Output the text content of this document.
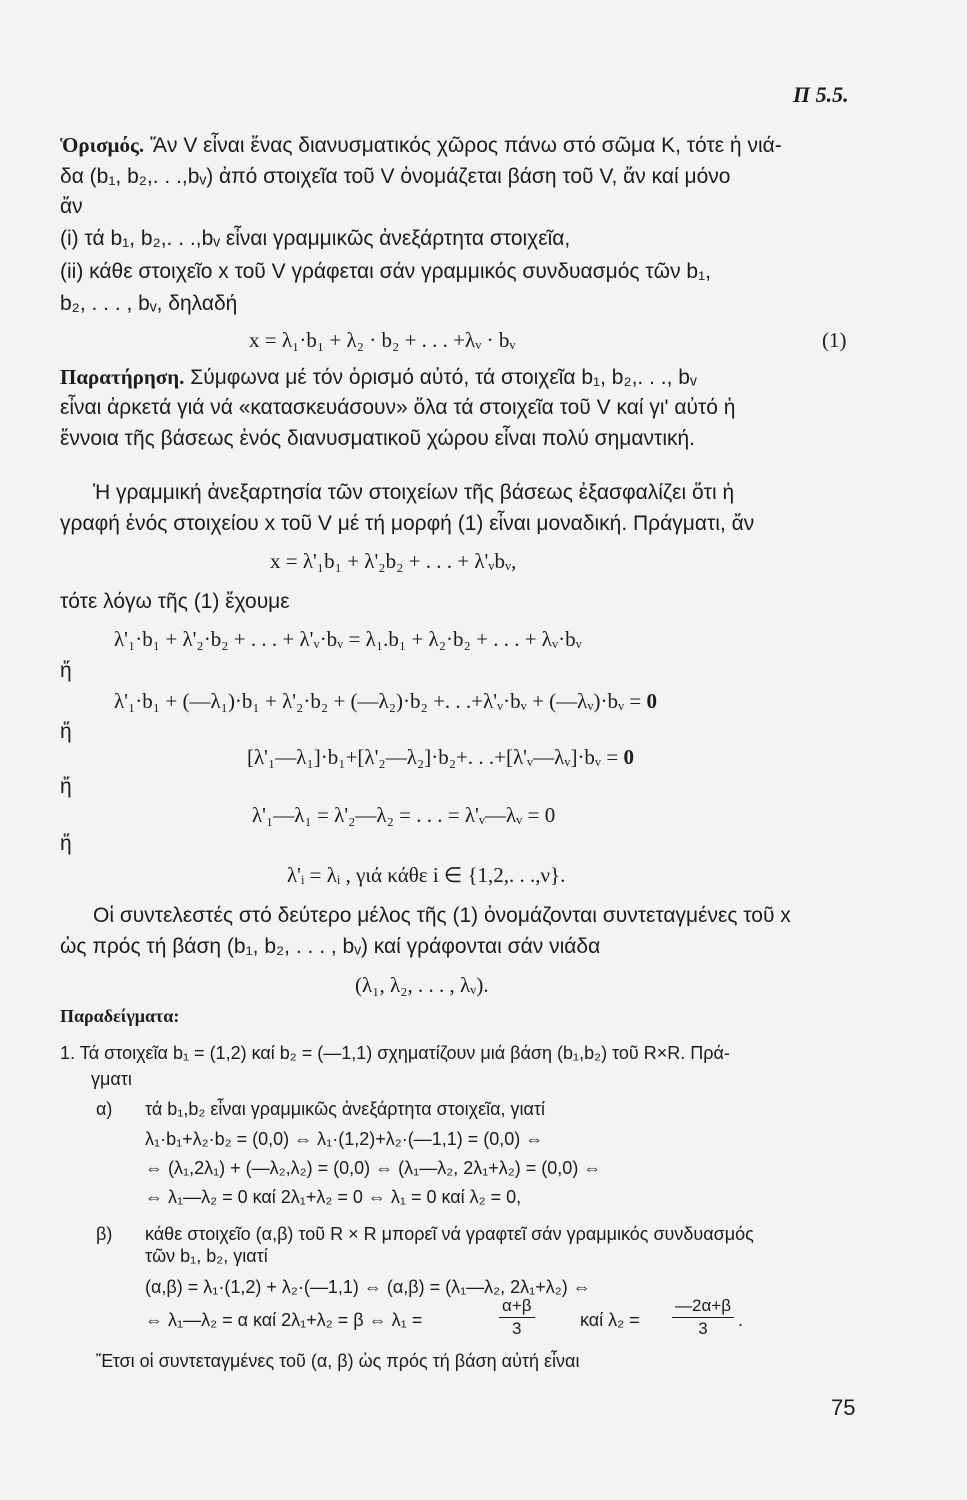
Π 5.5.
Ὁρισμός. Ἄν V εἶναι ἕνας διανυσματικός χῶρος πάνω στό σῶμα K, τότε ἡ νιά-
δα (b₁, b₂,. . .,bᵥ) ἀπό στοιχεῖα τοῦ V ὀνομάζεται βάση τοῦ V, ἄν καί μόνο
ἄν
(i) τά b₁, b₂,. . .,bᵥ εἶναι γραμμικῶς ἀνεξάρτητα στοιχεῖα,
(ii) κάθε στοιχεῖο x τοῦ V γράφεται σάν γραμμικός συνδυασμός τῶν b₁,
b₂, . . . , bᵥ, δηλαδή
x = λ₁·b₁ + λ₂ · b₂ + . . . +λᵥ · bᵥ	(1)
Παρατήρηση. Σύμφωνα μέ τόν ὁρισμό αὐτό, τά στοιχεῖα b₁, b₂,. . ., bᵥ
εἶναι ἀρκετά γιά νά «κατασκευάσουν» ὅλα τά στοιχεῖα τοῦ V καί γι' αὐτό ἡ
ἔννοια τῆς βάσεως ἑνός διανυσματικοῦ χώρου εἶναι πολύ σημαντική.
Ἡ γραμμική ἀνεξαρτησία τῶν στοιχείων τῆς βάσεως ἐξασφαλίζει ὅτι ἡ
γραφή ἑνός στοιχείου x τοῦ V μέ τή μορφή (1) εἶναι μοναδική. Πράγματι, ἄν
x = λ'₁b₁ + λ'₂b₂ + . . . + λ'ᵥbᵥ,
τότε λόγω τῆς (1) ἔχουμε
λ'₁·b₁ + λ'₂·b₂ + . . . + λ'ᵥ·bᵥ = λ₁.b₁ + λ₂·b₂ + . . . + λᵥ·bᵥ
ἤ
λ'₁·b₁ + (—λ₁)·b₁ + λ'₂·b₂ + (—λ₂)·b₂ +. . .+λ'ᵥ·bᵥ + (—λᵥ)·bᵥ = 0
ἤ
[λ'₁—λ₁]·b₁+[λ'₂—λ₂]·b₂+. . .+[λ'ᵥ—λᵥ]·bᵥ = 0
ἤ
λ'₁—λ₁ = λ'₂—λ₂ = . . . = λ'ᵥ—λᵥ = 0
ἤ
λ'ᵢ = λᵢ , γιά κάθε i ∈ {1,2,. . .,ν}.
Οἱ συντελεστές στό δεύτερο μέλος τῆς (1) ὀνομάζονται συντεταγμένες τοῦ x
ὡς πρός τή βάση (b₁, b₂, . . . , bᵥ) καί γράφονται σάν νιάδα
(λ₁, λ₂, . . . , λᵥ).
Παραδείγματα:
1. Τά στοιχεῖα b₁ = (1,2) καί b₂ = (—1,1) σχηματίζουν μιά βάση (b₁,b₂) τοῦ R×R. Πρά-
γματι
α) τά b₁,b₂ εἶναι γραμμικῶς ἀνεξάρτητα στοιχεῖα, γιατί
λ₁·b₁+λ₂·b₂ = (0,0) ⇔ λ₁·(1,2)+λ₂·(—1,1) = (0,0) ⇔
⇔ (λ₁,2λ₁) + (—λ₂,λ₂) = (0,0) ⇔ (λ₁—λ₂, 2λ₁+λ₂) = (0,0) ⇔
⇔ λ₁—λ₂ = 0 καί 2λ₁+λ₂ = 0 ⇔ λ₁ = 0 καί λ₂ = 0,
β) κάθε στοιχεῖο (α,β) τοῦ R × R μπορεῖ νά γραφτεῖ σάν γραμμικός συνδυασμός
τῶν b₁, b₂, γιατί
(α,β) = λ₁·(1,2) + λ₂·(—1,1) ⇔ (α,β) = (λ₁—λ₂, 2λ₁+λ₂) ⇔
⇔ λ₁—λ₂ = α καί 2λ₁+λ₂ = β ⇔ λ₁ =	$\frac{\alpha+\beta}{3}$	καί $\lambda_2 = \frac{—2\alpha+\beta}{3}$ .
Ἔτσι οἱ συντεταγμένες τοῦ (α, β) ὡς πρός τή βάση αὐτή εἶναι
75
